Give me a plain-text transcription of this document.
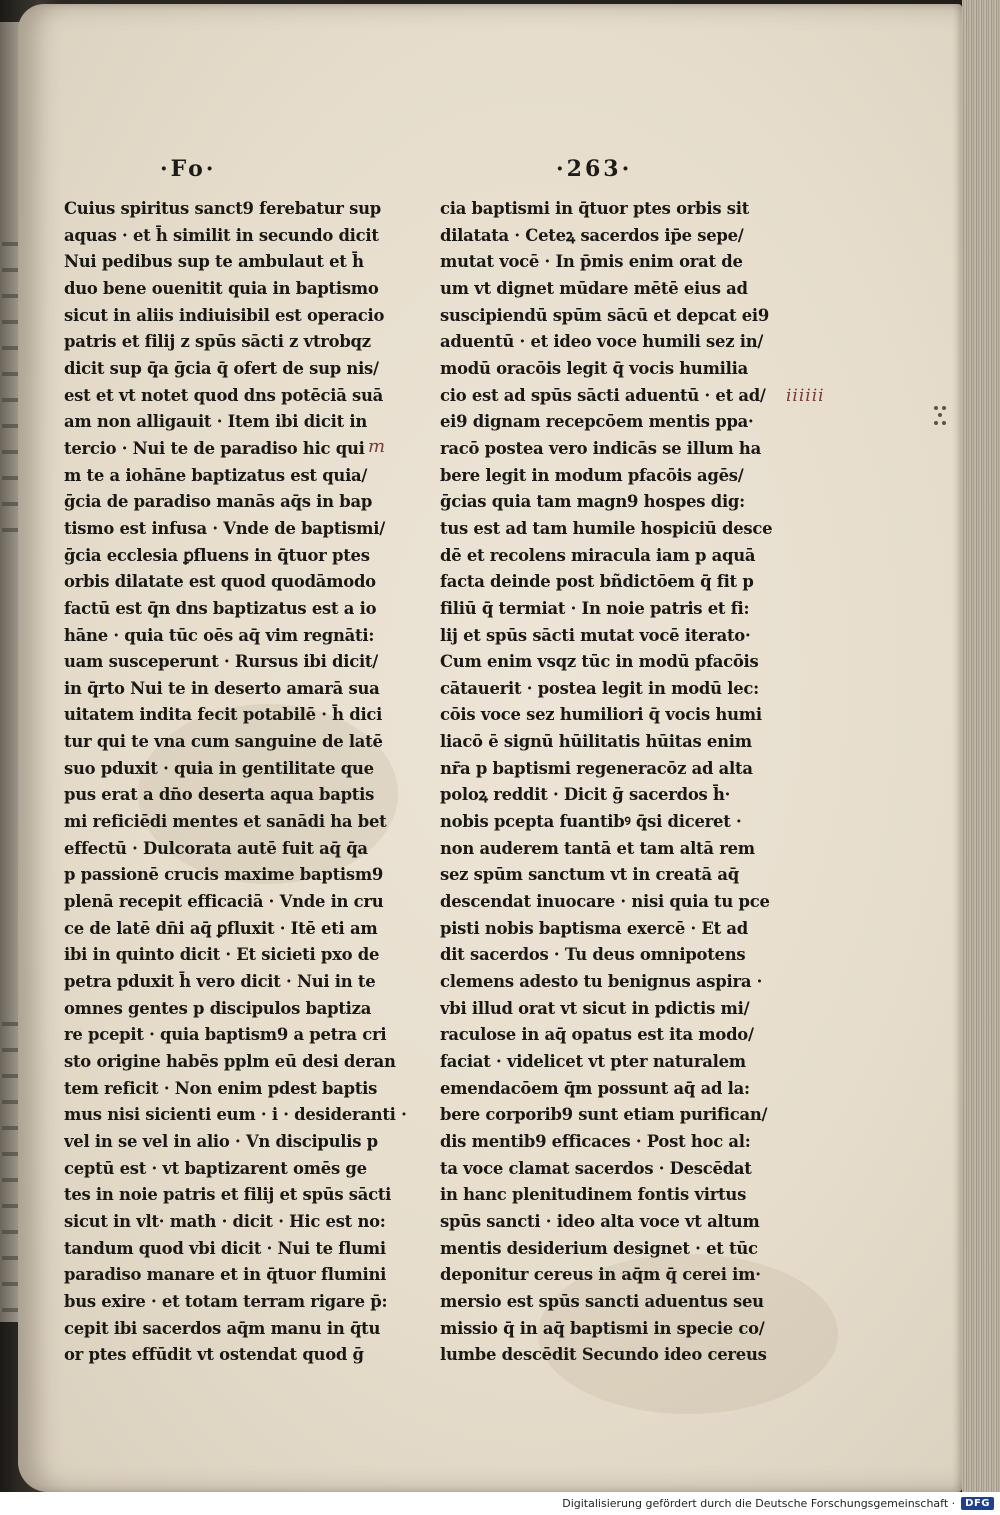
·Fo·	·263·
Cuius spiritus sanct9 ferebatur sup
aquas · et h̄ similit in secundo dicit
Nui pedibus sup te ambulaut et h̄
duo bene ouenitit quia in baptismo
sicut in aliis indiuisibil est operacio
patris et filij z spūs sācti z vtrobqz
dicit sup q̄a ḡcia q̄ ofert de sup nis/
est et vt notet quod dns potēciā suā
am non alligauit · Item ibi dicit in
tercio · Nui te de paradiso hic qui
m te a iohāne baptizatus est quia/
ḡcia de paradiso manās aq̄s in bap
tismo est infusa · Vnde de baptismi/
ḡcia ecclesia ꝑfluens in q̄tuor ptes
orbis dilatate est quod quodāmodo
factū est q̄n dns baptizatus est a io
hāne · quia tūc oēs aq̄ vim regnāti:
uam susceperunt · Rursus ibi dicit/
in q̄rto Nui te in deserto amarā sua
uitatem indita fecit potabilē · h̄ dici
tur qui te vna cum sanguine de latē
suo pduxit · quia in gentilitate que
pus erat a dn̄o deserta aqua baptis
mi reficiēdi mentes et sanādi ha bet
effectū · Dulcorata autē fuit aq̄ q̄a
p passionē crucis maxime baptism9
plenā recepit efficaciā · Vnde in cru
ce de latē dn̄i aq̄ ꝑfluxit · Itē eti am
ibi in quinto dicit · Et sicieti pxo de
petra pduxit h̄ vero dicit · Nui in te
omnes gentes p discipulos baptiza
re pcepit · quia baptism9 a petra cri
sto origine habēs pplm eū desi deran
tem reficit · Non enim pdest baptis
mus nisi sicienti eum · i · desideranti ·
vel in se vel in alio · Vn discipulis p
ceptū est · vt baptizarent omēs ge
tes in noie patris et filij et spūs sācti
sicut in vlt· math · dicit · Hic est no:
tandum quod vbi dicit · Nui te flumi
paradiso manare et in q̄tuor flumini
bus exire · et totam terram rigare p̄:
cepit ibi sacerdos aq̄m manu in q̄tu
or ptes effūdit vt ostendat quod ḡ
cia baptismi in q̄tuor ptes orbis sit
dilatata · Ceteꝝ sacerdos ip̄e sepe/
mutat vocē · In p̄mis enim orat de
um vt dignet mūdare mētē eius ad
suscipiendū spūm sācū et depcat ei9
aduentū · et ideo voce humili sez in/
modū oracōis legit q̄ vocis humilia
cio est ad spūs sācti aduentū · et ad/
ei9 dignam recepcōem mentis ppa·
racō postea vero indicās se illum ha
bere legit in modum pfacōis agēs/
ḡcias quia tam magn9 hospes dig:
tus est ad tam humile hospiciū desce
dē et recolens miracula iam p aquā
facta deinde post bñdictōem q̄ fit p
filiū q̄ termiat · In noie patris et fi:
lij et spūs sācti mutat vocē iterato·
Cum enim vsqz tūc in modū pfacōis
cātauerit · postea legit in modū lec:
cōis voce sez humiliori q̄ vocis humi
liacō ē signū hūilitatis hūitas enim
nr̄a p baptismi regeneracōz ad alta
poloꝝ reddit · Dicit ḡ sacerdos h̄·
nobis pcepta fuantibꝰ q̄si diceret ·
non auderem tantā et tam altā rem
sez spūm sanctum vt in creatā aq̄
descendat inuocare · nisi quia tu pce
pisti nobis baptisma exercē · Et ad
dit sacerdos · Tu deus omnipotens
clemens adesto tu benignus aspira ·
vbi illud orat vt sicut in pdictis mi/
raculose in aq̄ opatus est ita modo/
faciat · videlicet vt pter naturalem
emendacōem q̄m possunt aq̄ ad la:
bere corporib9 sunt etiam purifican/
dis mentib9 efficaces · Post hoc al:
ta voce clamat sacerdos · Descēdat
in hanc plenitudinem fontis virtus
spūs sancti · ideo alta voce vt altum
mentis desiderium designet · et tūc
deponitur cereus in aq̄m q̄ cerei im·
mersio est spūs sancti aduentus seu
missio q̄ in aq̄ baptismi in specie co/
lumbe descēdit Secundo ideo cereus
iiiiii
m
Digitalisierung gefördert durch die Deutsche Forschungsgemeinschaft ·	DFG
